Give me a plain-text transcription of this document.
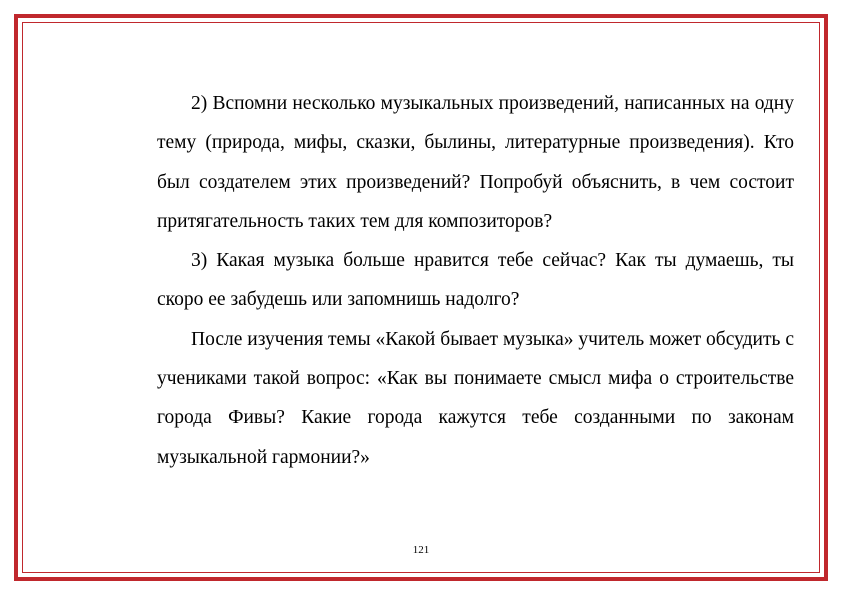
2) Вспомни несколько музыкальных произведений, написанных на одну тему (природа, мифы, сказки, былины, литературные произведения). Кто был создателем этих произведений? Попробуй объяснить, в чем состоит притягательность таких тем для композиторов?

3) Какая музыка больше нравится тебе сейчас? Как ты думаешь, ты скоро ее забудешь или запомнишь надолго?

После изучения темы «Какой бывает музыка» учитель может обсудить с учениками такой вопрос: «Как вы понимаете смысл мифа о строительстве города Фивы? Какие города кажутся тебе созданными по законам музыкальной гармонии?»

121
